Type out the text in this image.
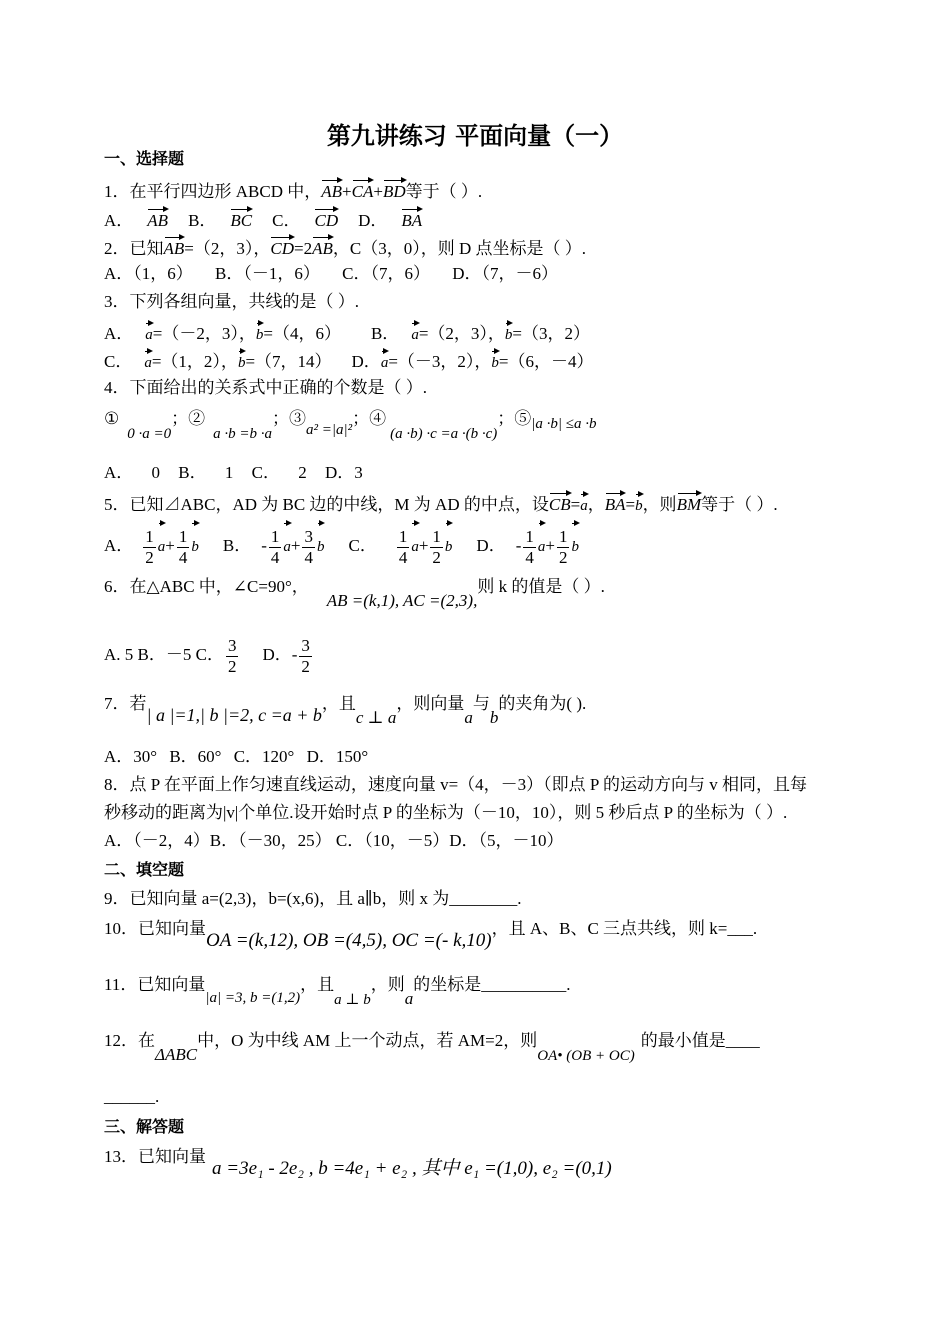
第九讲练习 平面向量（一）
一、选择题
1．在平行四边形 ABCD 中，AB+CA+BD等于（ ）.
A． AB B． BC C． CD D． BA
2．已知AB=（2，3），CD=2AB，C（3，0），则 D 点坐标是（ ）.
A．（1，6） B．（－1，6） C．（7，6） D．（7，－6）
3．下列各组向量，共线的是（ ）.
A． a=（－2，3），b=（4，6） B． a=（2，3），b=（3，2）
C． a=（1，2），b=（7，14） D．a=（－3，2），b=（6，－4）
4．下面给出的关系式中正确的个数是（ ）.
①0 ·a =0；②a ·b =b ·a；③a² =|a|²；④(a ·b) ·c =a ·(b ·c)；⑤|a ·b| ≤a ·b
A． 0 B． 1 C． 2 D．3
5．已知⊿ABC，AD 为 BC 边的中线，M 为 AD 的中点，设CB=a，BA=b，则BM等于（ ）.
A． $\frac{1}{2} a+ \frac{1}{4}$ b B． - $\frac{1}{4} a+ \frac{3}{4}$ b C． $\frac{1}{4} a+ \frac{1}{2}$ b D． - $\frac{1}{4} a+ \frac{1}{2}$ b
6．在△ABC 中，∠C=90°，AB =(k,1), AC =(2,3),则 k 的值是（ ）.
A. 5 B．－5 C． $\frac{3}{2}$ D．- $\frac{3}{2}$
7．若| a |=1,| b |=2, c =a + b，且c ⊥ a，则向量a与b的夹角为( ).
A．30° B．60° C．120° D．150°
8．点 P 在平面上作匀速直线运动，速度向量 v=（4，－3）（即点 P 的运动方向与 v 相同，且每
秒移动的距离为|v|个单位.设开始时点 P 的坐标为（－10，10），则 5 秒后点 P 的坐标为（ ）.
A．（－2，4）B．（－30，25） C．（10，－5）D．（5，－10）
二、填空题
9．已知向量 a=(2,3)，b=(x,6)，且 a∥b，则 x 为________.
10．已知向量OA =(k,12), OB =(4,5), OC =(- k,10)，且 A、B、C 三点共线，则 k=___.
11．已知向量|a| =3, b =(1,2)，且a ⊥ b，则a的坐标是__________.
12．在ΔABC中，O 为中线 AM 上一个动点，若 AM=2，则OA• (OB + OC)的最小值是____
______.
三、解答题
13．已知向量a =3e₁ - 2e₂ , b =4e₁ + e₂ , 其中 e₁ =(1,0), e₂ =(0,1)
